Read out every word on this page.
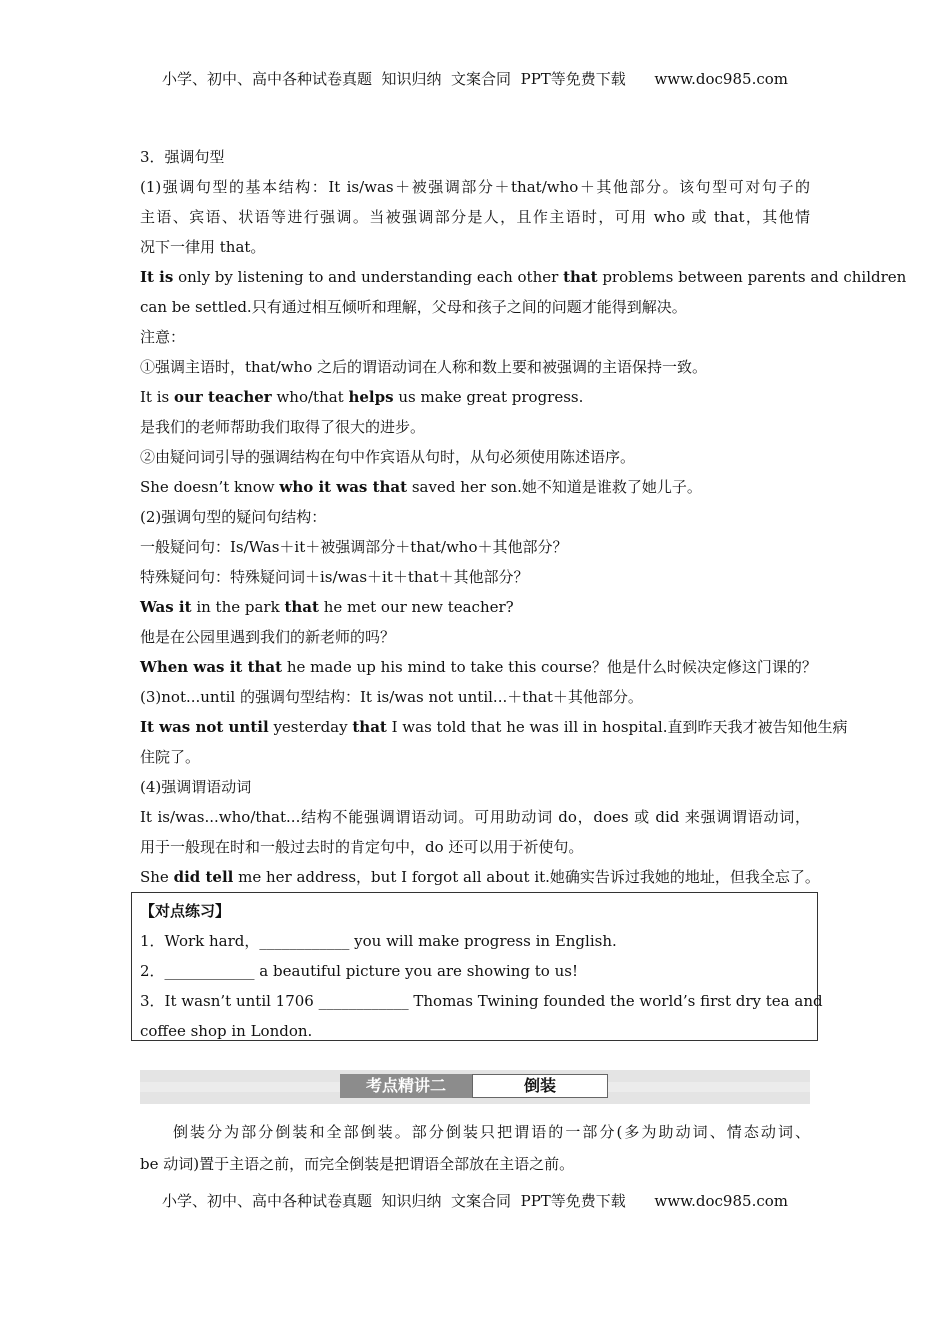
小学、初中、高中各种试卷真题  知识归纳  文案合同  PPT等免费下载      www.doc985.com
3．强调句型
(1)强调句型的基本结构：It is/was＋被强调部分＋that/who＋其他部分。该句型可对句子的
主语、宾语、状语等进行强调。当被强调部分是人，且作主语时，可用 who 或 that，其他情
况下一律用 that。
It is only by listening to and understanding each other that problems between parents and children
can be settled.只有通过相互倾听和理解，父母和孩子之间的问题才能得到解决。
注意：
①强调主语时，that/who 之后的谓语动词在人称和数上要和被强调的主语保持一致。
It is our teacher who/that helps us make great progress.
是我们的老师帮助我们取得了很大的进步。
②由疑问词引导的强调结构在句中作宾语从句时，从句必须使用陈述语序。
She doesn’t know who it was that saved her son.她不知道是谁救了她儿子。
(2)强调句型的疑问句结构：
一般疑问句：Is/Was＋it＋被强调部分＋that/who＋其他部分？
特殊疑问句：特殊疑问词＋is/was＋it＋that＋其他部分？
Was it in the park that he met our new teacher?
他是在公园里遇到我们的新老师的吗？
When was it that he made up his mind to take this course？他是什么时候决定修这门课的？
(3)not...until 的强调句型结构：It is/was not until...＋that＋其他部分。
It was not until yesterday that I was told that he was ill in hospital.直到昨天我才被告知他生病
住院了。
(4)强调谓语动词
It is/was...who/that...结构不能强调谓语动词。可用助动词 do，does 或 did 来强调谓语动词，
用于一般现在时和一般过去时的肯定句中，do 还可以用于祈使句。
She did tell me her address，but I forgot all about it.她确实告诉过我她的地址，但我全忘了。
【对点练习】
1．Work hard，____________ you will make progress in English.
2．____________ a beautiful picture you are showing to us!
3．It wasn’t until 1706 ____________ Thomas Twining founded the world’s first dry tea and
coffee shop in London.
考点精讲二	倒装
倒装分为部分倒装和全部倒装。部分倒装只把谓语的一部分(多为助动词、情态动词、
be 动词)置于主语之前，而完全倒装是把谓语全部放在主语之前。
小学、初中、高中各种试卷真题  知识归纳  文案合同  PPT等免费下载      www.doc985.com
